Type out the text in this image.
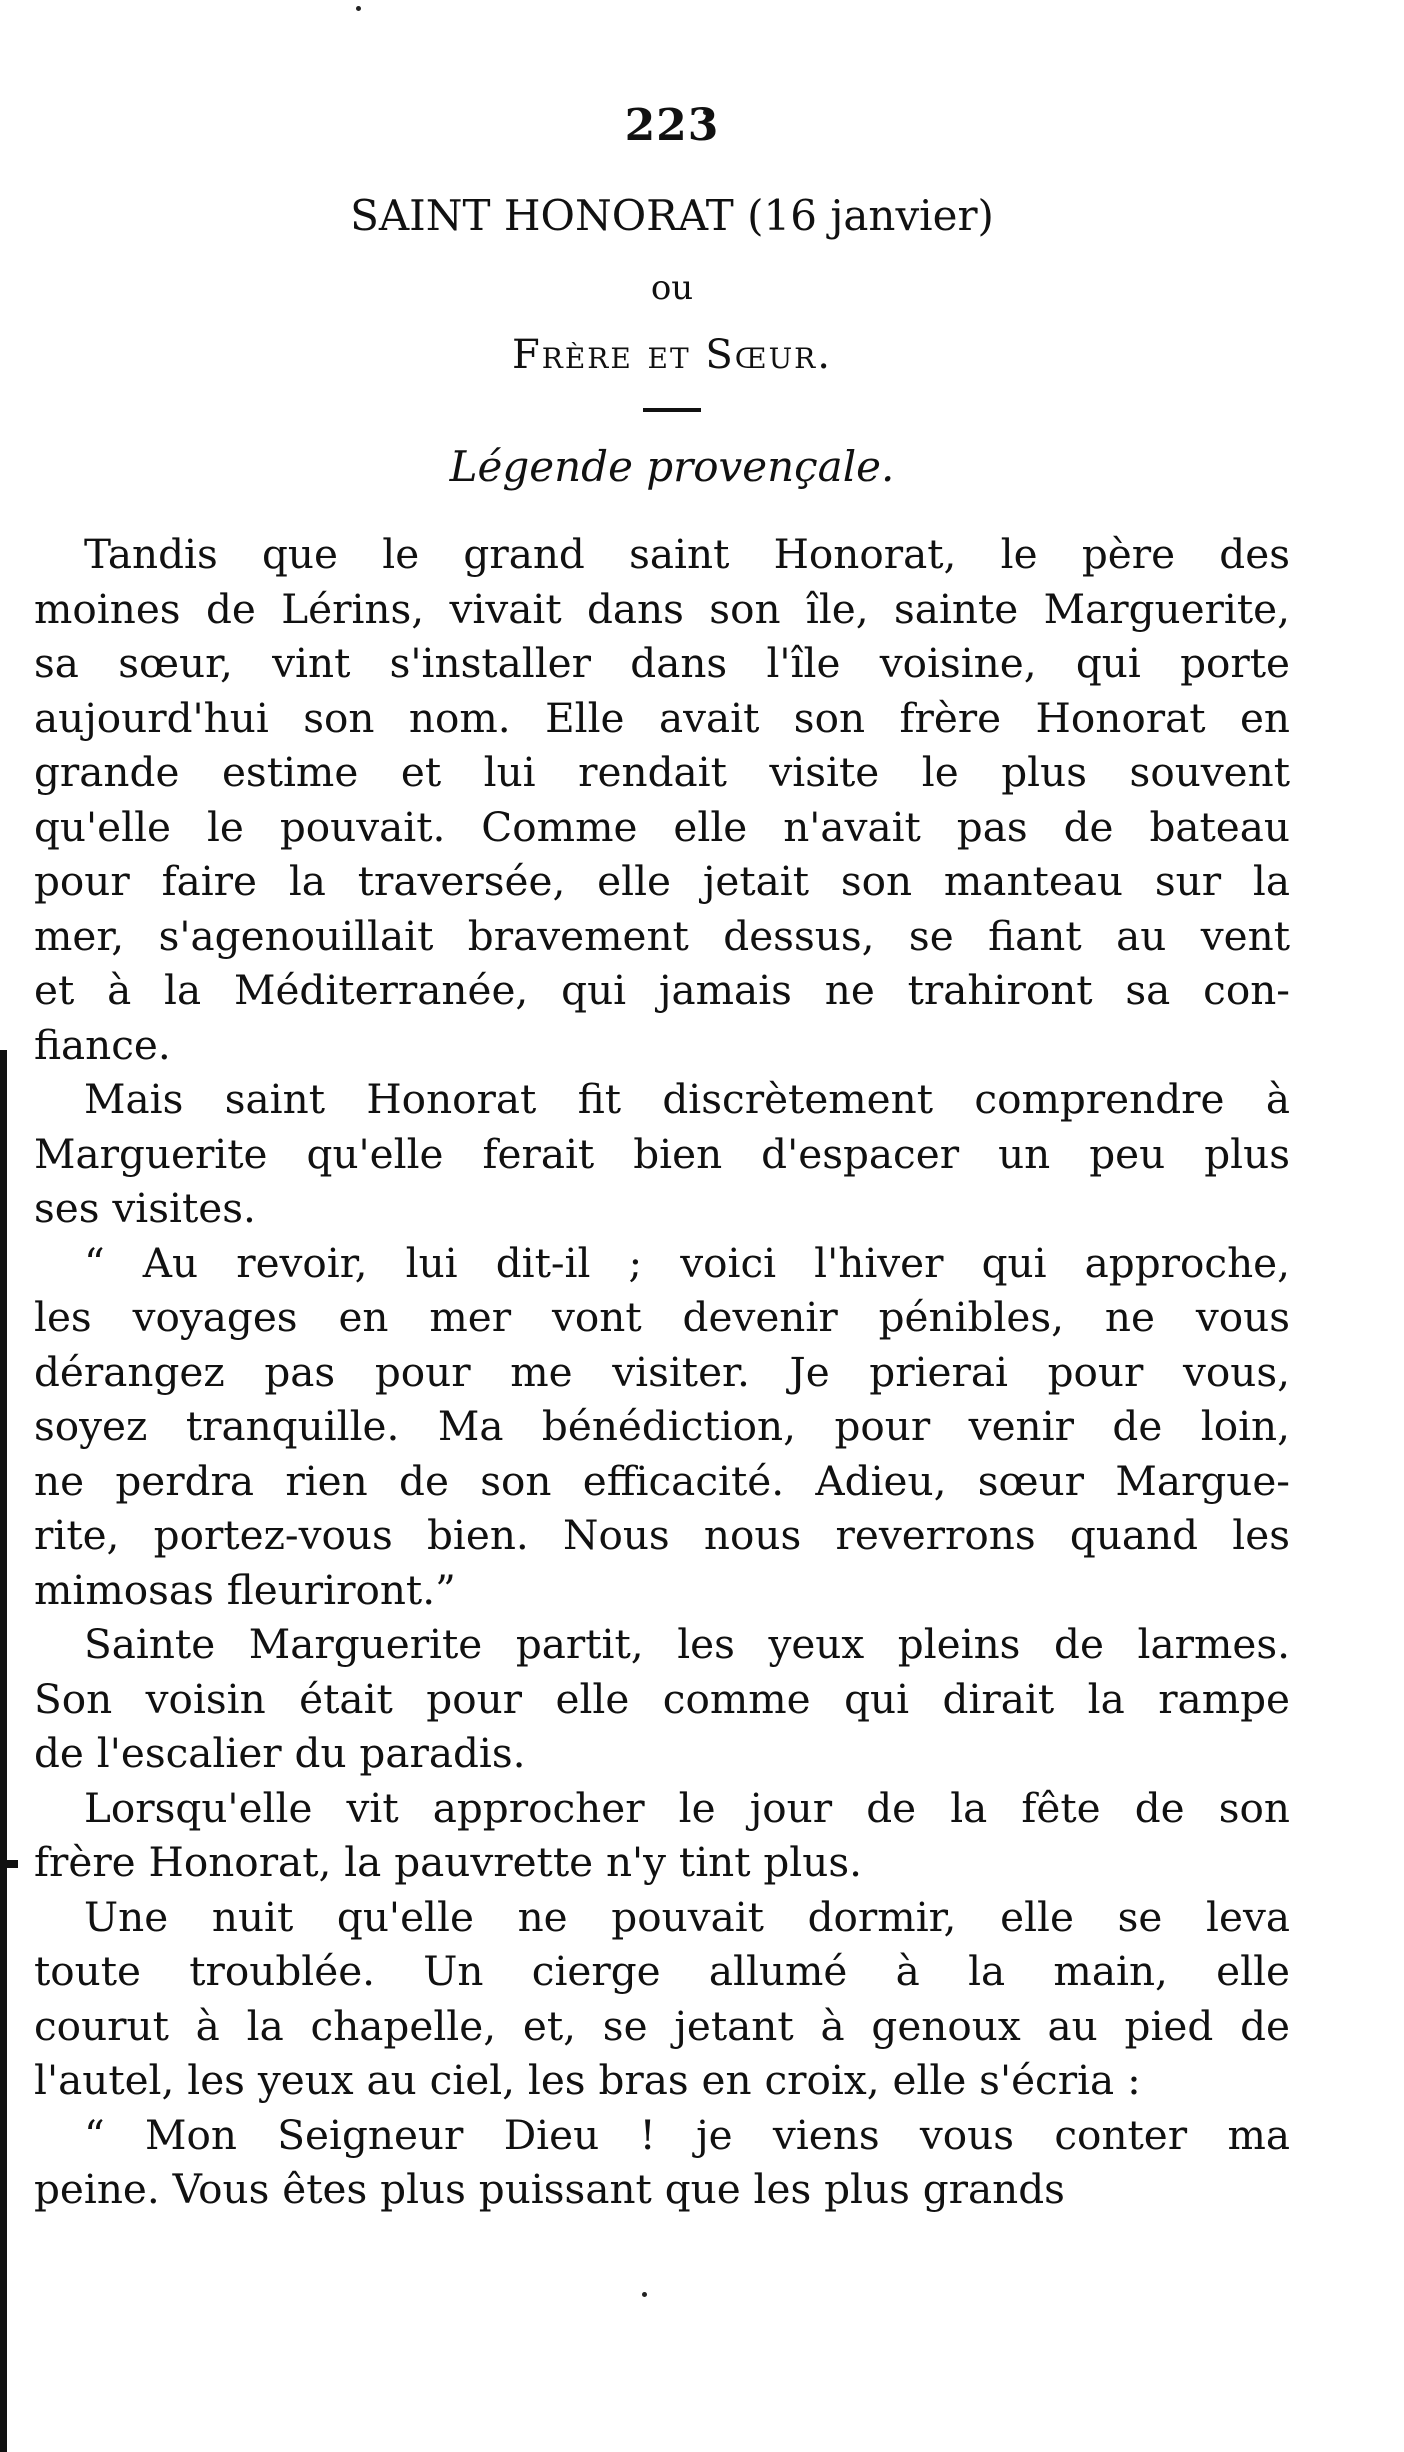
223
SAINT HONORAT (16 janvier)
ou
Frère et Sœur.
Légende provençale.
Tandis que le grand saint Honorat, le père des
moines de Lérins, vivait dans son île, sainte Marguerite,
sa sœur, vint s'installer dans l'île voisine, qui porte
aujourd'hui son nom. Elle avait son frère Honorat en
grande estime et lui rendait visite le plus souvent
qu'elle le pouvait. Comme elle n'avait pas de bateau
pour faire la traversée, elle jetait son manteau sur la
mer, s'agenouillait bravement dessus, se fiant au vent
et à la Méditerranée, qui jamais ne trahiront sa con-
fiance.
Mais saint Honorat fit discrètement comprendre à
Marguerite qu'elle ferait bien d'espacer un peu plus
ses visites.
“ Au revoir, lui dit-il ; voici l'hiver qui approche,
les voyages en mer vont devenir pénibles, ne vous
dérangez pas pour me visiter. Je prierai pour vous,
soyez tranquille. Ma bénédiction, pour venir de loin,
ne perdra rien de son efficacité. Adieu, sœur Margue-
rite, portez-vous bien. Nous nous reverrons quand les
mimosas fleuriront.”
Sainte Marguerite partit, les yeux pleins de larmes.
Son voisin était pour elle comme qui dirait la rampe
de l'escalier du paradis.
Lorsqu'elle vit approcher le jour de la fête de son
frère Honorat, la pauvrette n'y tint plus.
Une nuit qu'elle ne pouvait dormir, elle se leva
toute troublée. Un cierge allumé à la main, elle
courut à la chapelle, et, se jetant à genoux au pied de
l'autel, les yeux au ciel, les bras en croix, elle s'écria :
“ Mon Seigneur Dieu ! je viens vous conter ma
peine. Vous êtes plus puissant que les plus grands
